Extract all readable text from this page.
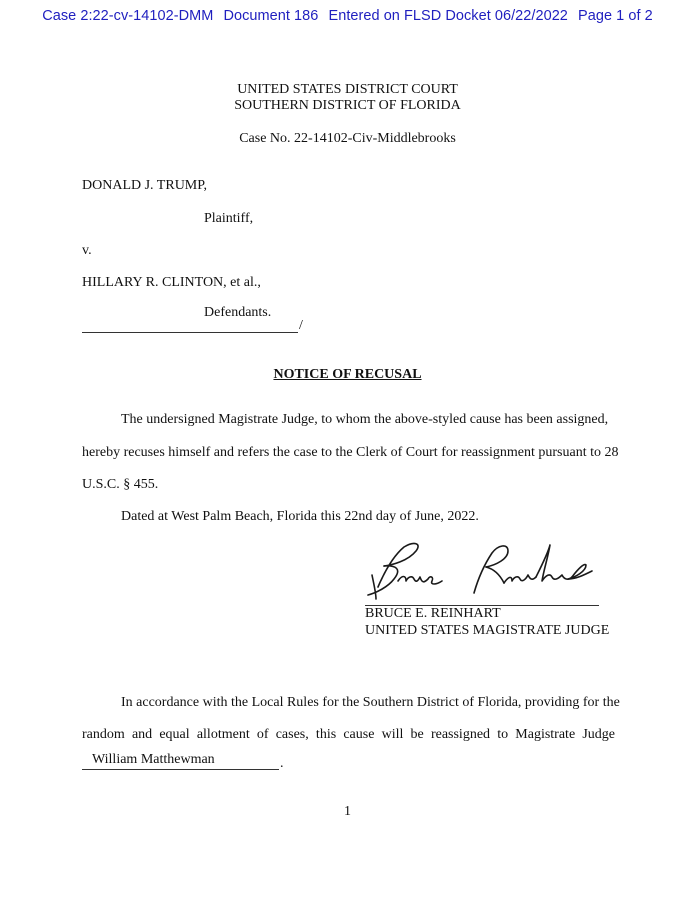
Case 2:22-cv-14102-DMM Document 186 Entered on FLSD Docket 06/22/2022 Page 1 of 2
UNITED STATES DISTRICT COURT
SOUTHERN DISTRICT OF FLORIDA
Case No. 22-14102-Civ-Middlebrooks
DONALD J. TRUMP,
Plaintiff,
v.
HILLARY R. CLINTON, et al.,
Defendants.
/
NOTICE OF RECUSAL
The undersigned Magistrate Judge, to whom the above-styled cause has been assigned,
hereby recuses himself and refers the case to the Clerk of Court for reassignment pursuant to 28
U.S.C. § 455.
Dated at West Palm Beach, Florida this 22nd day of June, 2022.
BRUCE E. REINHART
UNITED STATES MAGISTRATE JUDGE
In accordance with the Local Rules for the Southern District of Florida, providing for the
random and equal allotment of cases, this cause will be reassigned to Magistrate Judge
William Matthewman	.
1
